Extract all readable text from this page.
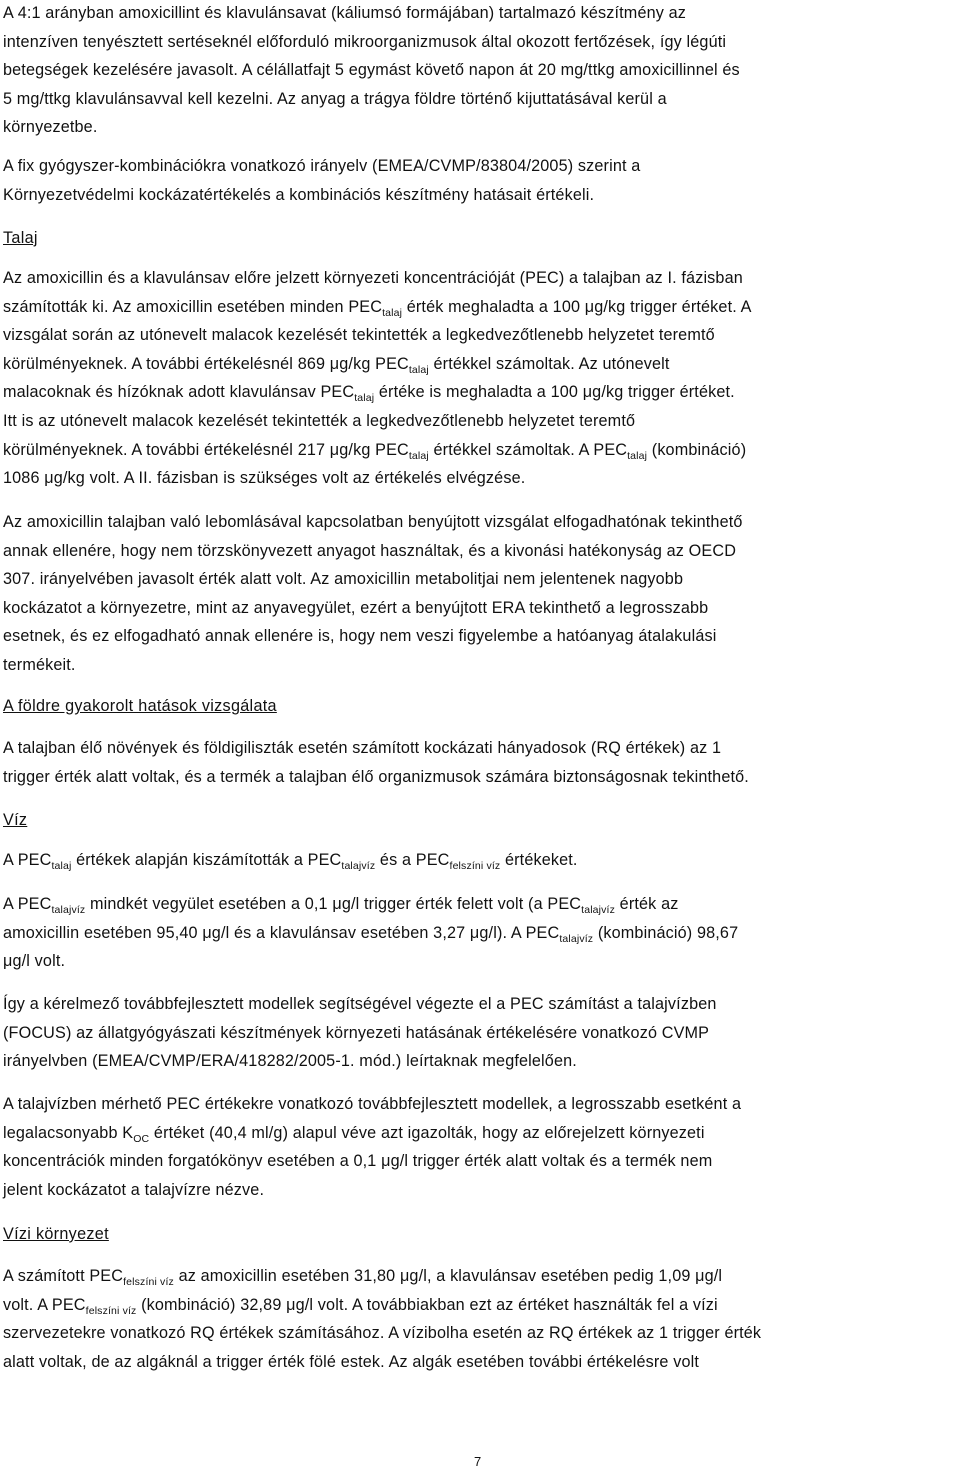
A 4:1 arányban amoxicillint és klavulánsavat (káliumsó formájában) tartalmazó készítmény az
intenzíven tenyésztett sertéseknél előforduló mikroorganizmusok által okozott fertőzések, így légúti
betegségek kezelésére javasolt. A célállatfajt 5 egymást követő napon át 20 mg/ttkg amoxicillinnel és
5 mg/ttkg klavulánsavval kell kezelni. Az anyag a trágya földre történő kijuttatásával kerül a
környezetbe.

A fix gyógyszer-kombinációkra vonatkozó irányelv (EMEA/CVMP/83804/2005) szerint a
Környezetvédelmi kockázatértékelés a kombinációs készítmény hatásait értékeli.

Talaj

Az amoxicillin és a klavulánsav előre jelzett környezeti koncentrációját (PEC) a talajban az I. fázisban
számították ki. Az amoxicillin esetében minden $PEC_{talaj}$ érték meghaladta a 100 μg/kg trigger értéket. A
vizsgálat során az utónevelt malacok kezelését tekintették a legkedvezőtlenebb helyzetet teremtő
körülményeknek. A további értékelésnél 869 μg/kg $PEC_{talaj}$ értékkel számoltak. Az utónevelt
malacoknak és hízóknak adott klavulánsav $PEC_{talaj}$ értéke is meghaladta a 100 μg/kg trigger értéket.
Itt is az utónevelt malacok kezelését tekintették a legkedvezőtlenebb helyzetet teremtő
körülményeknek. A további értékelésnél 217 μg/kg $PEC_{talaj}$ értékkel számoltak. A $PEC_{talaj}$ (kombináció)
1086 μg/kg volt. A II. fázisban is szükséges volt az értékelés elvégzése.

Az amoxicillin talajban való lebomlásával kapcsolatban benyújtott vizsgálat elfogadhatónak tekinthető
annak ellenére, hogy nem törzskönyvezett anyagot használtak, és a kivonási hatékonyság az OECD
307. irányelvében javasolt érték alatt volt. Az amoxicillin metabolitjai nem jelentenek nagyobb
kockázatot a környezetre, mint az anyavegyület, ezért a benyújtott ERA tekinthető a legrosszabb
esetnek, és ez elfogadható annak ellenére is, hogy nem veszi figyelembe a hatóanyag átalakulási
termékeit.

A földre gyakorolt hatások vizsgálata

A talajban élő növények és földigiliszták esetén számított kockázati hányadosok (RQ értékek) az 1
trigger érték alatt voltak, és a termék a talajban élő organizmusok számára biztonságosnak tekinthető.

Víz

A $PEC_{talaj}$ értékek alapján kiszámították a $PEC_{talajvíz}$ és a $PEC_{felszíni víz}$ értékeket.

A $PEC_{talajvíz}$ mindkét vegyület esetében a 0,1 μg/l trigger érték felett volt (a $PEC_{talajvíz}$ érték az
amoxicillin esetében 95,40 μg/l és a klavulánsav esetében 3,27 μg/l). A $PEC_{talajvíz}$ (kombináció) 98,67
μg/l volt.

Így a kérelmező továbbfejlesztett modellek segítségével végezte el a PEC számítást a talajvízben
(FOCUS) az állatgyógyászati készítmények környezeti hatásának értékelésére vonatkozó CVMP
irányelvben (EMEA/CVMP/ERA/418282/2005-1. mód.) leírtaknak megfelelően.

A talajvízben mérhető PEC értékekre vonatkozó továbbfejlesztett modellek, a legrosszabb esetként a
legalacsonyabb $K_{OC}$ értéket (40,4 ml/g) alapul véve azt igazolták, hogy az előrejelzett környezeti
koncentrációk minden forgatókönyv esetében a 0,1 μg/l trigger érték alatt voltak és a termék nem
jelent kockázatot a talajvízre nézve.

Vízi környezet

A számított $PEC_{felszíni víz}$ az amoxicillin esetében 31,80 μg/l, a klavulánsav esetében pedig 1,09 μg/l
volt. A $PEC_{felszíni víz}$ (kombináció) 32,89 μg/l volt. A továbbiakban ezt az értéket használták fel a vízi
szervezetekre vonatkozó RQ értékek számításához. A vízibolha esetén az RQ értékek az 1 trigger érték
alatt voltak, de az algáknál a trigger érték fölé estek. Az algák esetében további értékelésre volt

7
